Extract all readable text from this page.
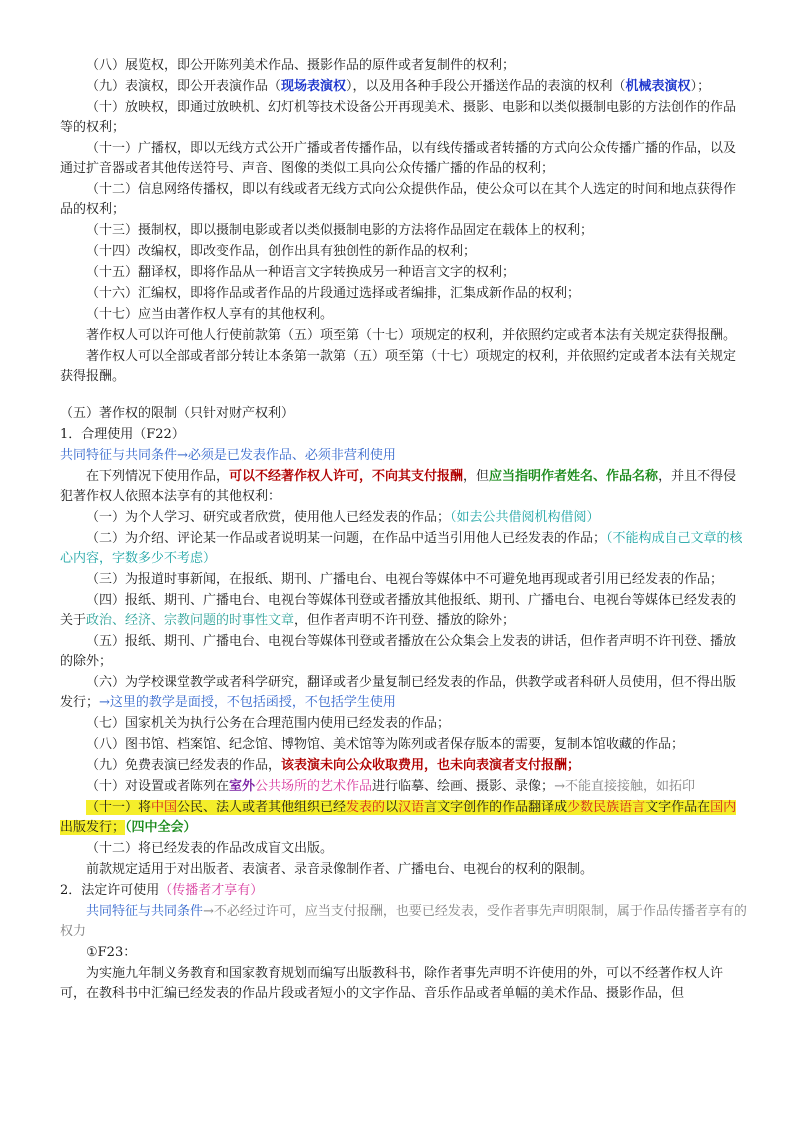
（八）展览权，即公开陈列美术作品、摄影作品的原件或者复制件的权利；

（九）表演权，即公开表演作品（现场表演权），以及用各种手段公开播送作品的表演的权利（机械表演权）；

（十）放映权，即通过放映机、幻灯机等技术设备公开再现美术、摄影、电影和以类似摄制电影的方法创作的作品等的权利；

（十一）广播权，即以无线方式公开广播或者传播作品，以有线传播或者转播的方式向公众传播广播的作品，以及通过扩音器或者其他传送符号、声音、图像的类似工具向公众传播广播的作品的权利；

（十二）信息网络传播权，即以有线或者无线方式向公众提供作品，使公众可以在其个人选定的时间和地点获得作品的权利；

（十三）摄制权，即以摄制电影或者以类似摄制电影的方法将作品固定在载体上的权利；

（十四）改编权，即改变作品，创作出具有独创性的新作品的权利；

（十五）翻译权，即将作品从一种语言文字转换成另一种语言文字的权利；

（十六）汇编权，即将作品或者作品的片段通过选择或者编排，汇集成新作品的权利；

（十七）应当由著作权人享有的其他权利。

著作权人可以许可他人行使前款第（五）项至第（十七）项规定的权利，并依照约定或者本法有关规定获得报酬。

著作权人可以全部或者部分转让本条第一款第（五）项至第（十七）项规定的权利，并依照约定或者本法有关规定获得报酬。

（五）著作权的限制（只针对财产权利）

1．合理使用（F22）

共同特征与共同条件→必须是已发表作品、必须非营利使用

在下列情况下使用作品，可以不经著作权人许可，不向其支付报酬，但应当指明作者姓名、作品名称，并且不得侵犯著作权人依照本法享有的其他权利：

（一）为个人学习、研究或者欣赏，使用他人已经发表的作品；（如去公共借阅机构借阅）

（二）为介绍、评论某一作品或者说明某一问题，在作品中适当引用他人已经发表的作品；（不能构成自己文章的核心内容，字数多少不考虑）

（三）为报道时事新闻，在报纸、期刊、广播电台、电视台等媒体中不可避免地再现或者引用已经发表的作品；

（四）报纸、期刊、广播电台、电视台等媒体刊登或者播放其他报纸、期刊、广播电台、电视台等媒体已经发表的关于政治、经济、宗教问题的时事性文章，但作者声明不许刊登、播放的除外；

（五）报纸、期刊、广播电台、电视台等媒体刊登或者播放在公众集会上发表的讲话，但作者声明不许刊登、播放的除外；

（六）为学校课堂教学或者科学研究，翻译或者少量复制已经发表的作品，供教学或者科研人员使用，但不得出版发行；→这里的教学是面授，不包括函授，不包括学生使用

（七）国家机关为执行公务在合理范围内使用已经发表的作品；

（八）图书馆、档案馆、纪念馆、博物馆、美术馆等为陈列或者保存版本的需要，复制本馆收藏的作品；

（九）免费表演已经发表的作品，该表演未向公众收取费用，也未向表演者支付报酬；

（十）对设置或者陈列在室外公共场所的艺术作品进行临摹、绘画、摄影、录像；→不能直接接触，如拓印

（十一）将中国公民、法人或者其他组织已经发表的以汉语言文字创作的作品翻译成少数民族语言文字作品在国内出版发行；（四中全会）

（十二）将已经发表的作品改成盲文出版。

前款规定适用于对出版者、表演者、录音录像制作者、广播电台、电视台的权利的限制。

2．法定许可使用（传播者才享有）

共同特征与共同条件→不必经过许可，应当支付报酬，也要已经发表，受作者事先声明限制，属于作品传播者享有的权力

①F23：

为实施九年制义务教育和国家教育规划而编写出版教科书，除作者事先声明不许使用的外，可以不经著作权人许可，在教科书中汇编已经发表的作品片段或者短小的文字作品、音乐作品或者单幅的美术作品、摄影作品，但
